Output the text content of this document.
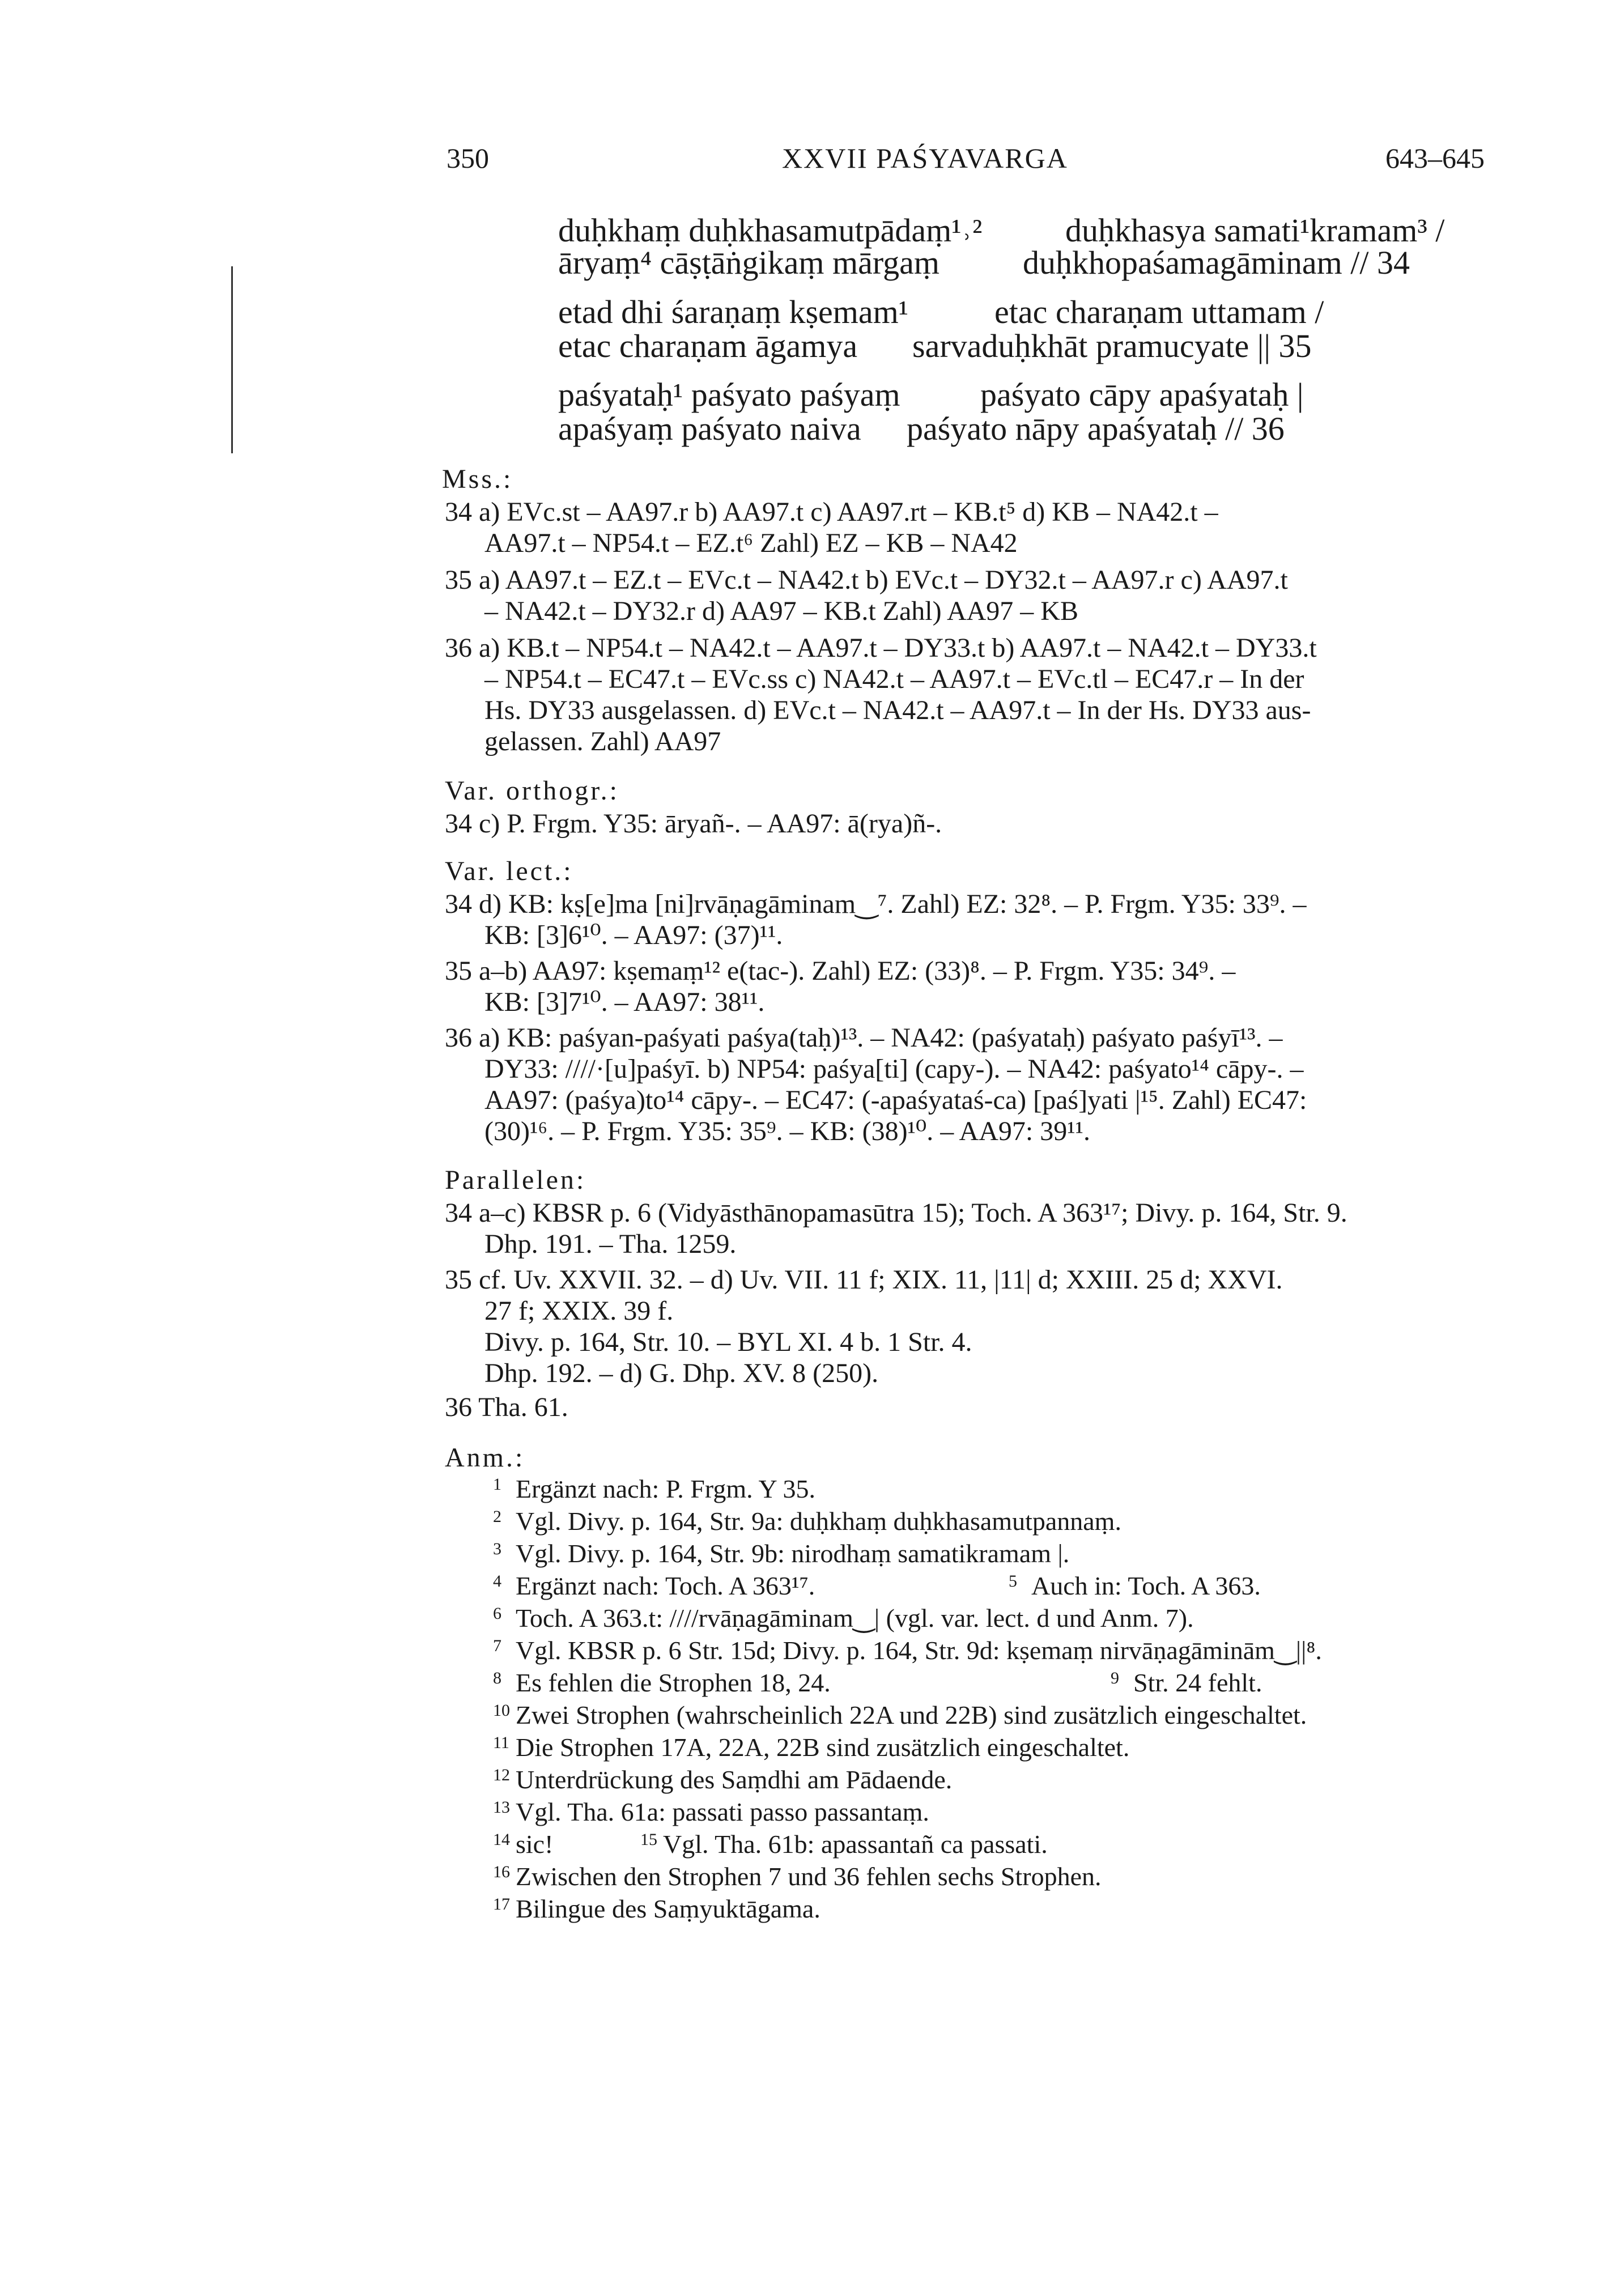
350	XXVII PAŚYAVARGA	643–645
duḥkhaṃ duḥkhasamutpādaṃ¹˒²	duḥkhasya samati¹kramam³ /
āryaṃ⁴ cāṣṭāṅgikaṃ mārgaṃ	duḥkhopaśamagāminam // 34
etad dhi śaraṇaṃ kṣemam¹	etac charaṇam uttamam /
etac charaṇam āgamya sarvaduḥkhāt pramucyate || 35
paśyataḥ¹ paśyato paśyaṃ paśyato cāpy apaśyataḥ |
apaśyaṃ paśyato naiva paśyato nāpy apaśyataḥ // 36
Mss.:
34 a) EVc.st – AA97.r b) AA97.t c) AA97.rt – KB.t⁵ d) KB – NA42.t –
AA97.t – NP54.t – EZ.t⁶ Zahl) EZ – KB – NA42
35 a) AA97.t – EZ.t – EVc.t – NA42.t b) EVc.t – DY32.t – AA97.r c) AA97.t
– NA42.t – DY32.r d) AA97 – KB.t Zahl) AA97 – KB
36 a) KB.t – NP54.t – NA42.t – AA97.t – DY33.t b) AA97.t – NA42.t – DY33.t
– NP54.t – EC47.t – EVc.ss c) NA42.t – AA97.t – EVc.tl – EC47.r – In der
Hs. DY33 ausgelassen. d) EVc.t – NA42.t – AA97.t – In der Hs. DY33 aus-
gelassen. Zahl) AA97
Var. orthogr.:
34 c) P. Frgm. Y35: āryañ-. – AA97: ā(rya)ñ-.
Var. lect.:
34 d) KB: kṣ[e]ma [ni]rvāṇagāminam‿⁷. Zahl) EZ: 32⁸. – P. Frgm. Y35: 33⁹. –
KB: [3]6¹⁰. – AA97: (37)¹¹.
35 a–b) AA97: kṣemaṃ¹² e(tac-). Zahl) EZ: (33)⁸. – P. Frgm. Y35: 34⁹. –
KB: [3]7¹⁰. – AA97: 38¹¹.
36 a) KB: paśyan-paśyati paśya(taḥ)¹³. – NA42: (paśyataḥ) paśyato paśyī¹³. –
DY33: ////·[u]paśyī. b) NP54: paśya[ti] (capy-). – NA42: paśyato¹⁴ cāpy-. –
AA97: (paśya)to¹⁴ cāpy-. – EC47: (-apaśyataś-ca) [paś]yati |¹⁵. Zahl) EC47:
(30)¹⁶. – P. Frgm. Y35: 35⁹. – KB: (38)¹⁰. – AA97: 39¹¹.
Parallelen:
34 a–c) KBSR p. 6 (Vidyāsthānopamasūtra 15); Toch. A 363¹⁷; Divy. p. 164, Str. 9.
Dhp. 191. – Tha. 1259.
35 cf. Uv. XXVII. 32. – d) Uv. VII. 11 f; XIX. 11, |11| d; XXIII. 25 d; XXVI.
27 f; XXIX. 39 f.
Divy. p. 164, Str. 10. – BYL XI. 4 b. 1 Str. 4.
Dhp. 192. – d) G. Dhp. XV. 8 (250).
36 Tha. 61.
Anm.:
1 Ergänzt nach: P. Frgm. Y 35.
2 Vgl. Divy. p. 164, Str. 9a: duḥkhaṃ duḥkhasamutpannaṃ.
3 Vgl. Divy. p. 164, Str. 9b: nirodhaṃ samatikramam |.
4 Ergänzt nach: Toch. A 363¹⁷.	5 Auch in: Toch. A 363.
6 Toch. A 363.t: ////rvāṇagāminam‿| (vgl. var. lect. d und Anm. 7).
7 Vgl. KBSR p. 6 Str. 15d; Divy. p. 164, Str. 9d: kṣemaṃ nirvāṇagāminām‿||⁸.
8 Es fehlen die Strophen 18, 24.	9 Str. 24 fehlt.
10 Zwei Strophen (wahrscheinlich 22A und 22B) sind zusätzlich eingeschaltet.
11 Die Strophen 17A, 22A, 22B sind zusätzlich eingeschaltet.
12 Unterdrückung des Saṃdhi am Pādaende.
13 Vgl. Tha. 61a: passati passo passantaṃ.
14 sic!	15 Vgl. Tha. 61b: apassantañ ca passati.
16 Zwischen den Strophen 7 und 36 fehlen sechs Strophen.
17 Bilingue des Saṃyuktāgama.
